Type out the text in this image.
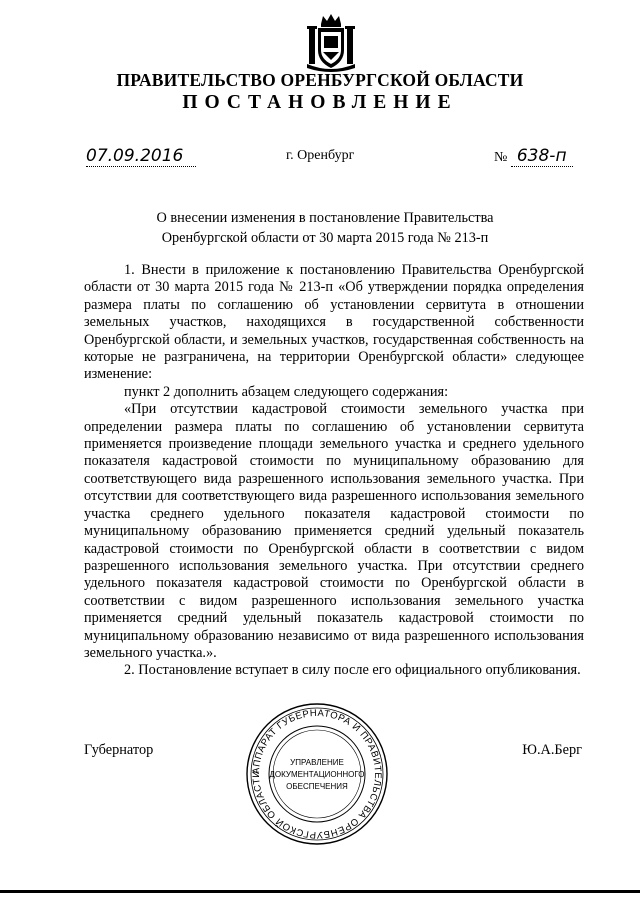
ПРАВИТЕЛЬСТВО ОРЕНБУРГСКОЙ ОБЛАСТИ
ПОСТАНОВЛЕНИЕ
07.09.2016	г. Оренбург	№ 638-п
О внесении изменения в постановление Правительства
Оренбургской области от 30 марта 2015 года № 213-п

1. Внести в приложение к постановлению Правительства Оренбургской области от 30 марта 2015 года № 213-п «Об утверждении порядка определения размера платы по соглашению об установлении сервитута в отношении земельных участков, находящихся в государственной собственности Оренбургской области, и земельных участков, государственная собственность на которые не разграничена, на территории Оренбургской области» следующее изменение:

пункт 2 дополнить абзацем следующего содержания:

«При отсутствии кадастровой стоимости земельного участка при определении размера платы по соглашению об установлении сервитута применяется произведение площади земельного участка и среднего удельного показателя кадастровой стоимости по муниципальному образованию для соответствующего вида разрешенного использования земельного участка. При отсутствии для соответствующего вида разрешенного использования земельного участка среднего удельного показателя кадастровой стоимости по муниципальному образованию применяется средний удельный показатель кадастровой стоимости по Оренбургской области в соответствии с видом разрешенного использования земельного участка. При отсутствии среднего удельного показателя кадастровой стоимости по Оренбургской области в соответствии с видом разрешенного использования земельного участка применяется средний удельный показатель кадастровой стоимости по муниципальному образованию независимо от вида разрешенного использования земельного участка.».

2. Постановление вступает в силу после его официального опубликования.

Губернатор	Ю.А.Берг
АППАРАТ ГУБЕРНАТОРА И ПРАВИТЕЛЬСТВА ОРЕНБУРГСКОЙ ОБЛАСТИ
УПРАВЛЕНИЕ
ДОКУМЕНТАЦИОННОГО
ОБЕСПЕЧЕНИЯ
